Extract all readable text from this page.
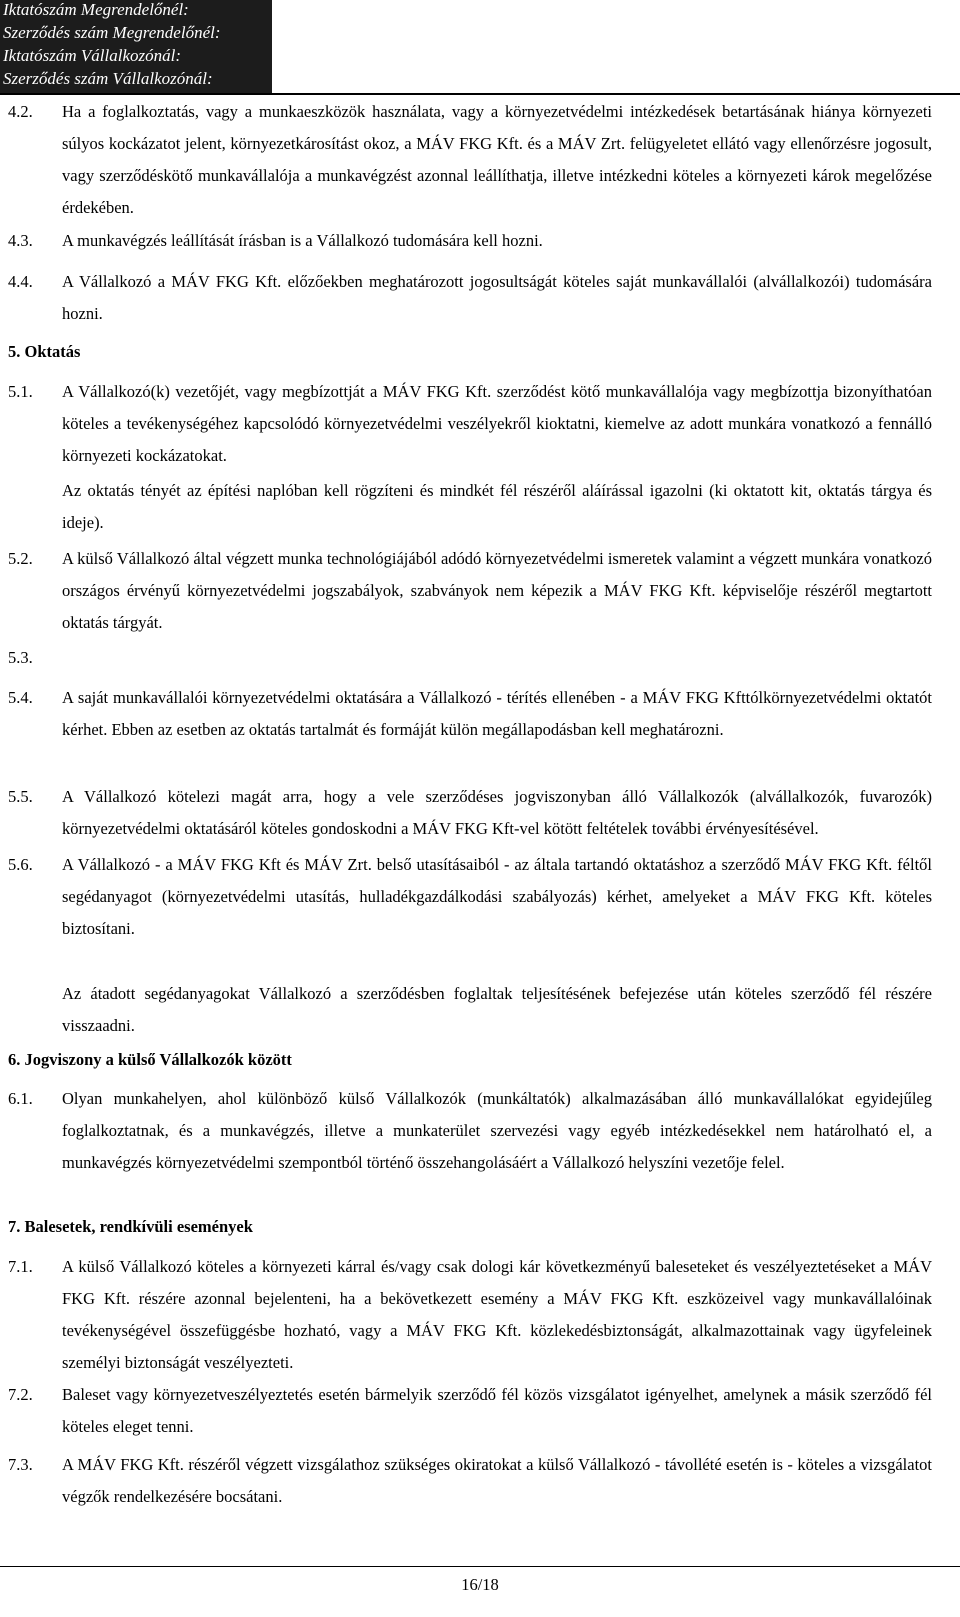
Iktatószám Megrendelőnél:
Szerződés szám Megrendelőnél:
Iktatószám Vállalkozónál:
Szerződés szám Vállalkozónál:
4.2. Ha a foglalkoztatás, vagy a munkaeszközök használata, vagy a környezetvédelmi intézkedések betartásának hiánya környezeti súlyos kockázatot jelent, környezetkárosítást okoz, a MÁV FKG Kft. és a MÁV Zrt. felügyeletet ellátó vagy ellenőrzésre jogosult, vagy szerződéskötő munkavállalója a munkavégzést azonnal leállíthatja, illetve intézkedni köteles a környezeti károk megelőzése érdekében.
4.3. A munkavégzés leállítását írásban is a Vállalkozó tudomására kell hozni.
4.4. A Vállalkozó a MÁV FKG Kft. előzőekben meghatározott jogosultságát köteles saját munkavállalói (alvállalkozói) tudomására hozni.
5. Oktatás
5.1. A Vállalkozó(k) vezetőjét, vagy megbízottját a MÁV FKG Kft. szerződést kötő munkavállalója vagy megbízottja bizonyíthatóan köteles a tevékenységéhez kapcsolódó környezetvédelmi veszélyekről kioktatni, kiemelve az adott munkára vonatkozó a fennálló környezeti kockázatokat.
Az oktatás tényét az építési naplóban kell rögzíteni és mindkét fél részéről aláírással igazolni (ki oktatott kit, oktatás tárgya és ideje).
5.2. A külső Vállalkozó által végzett munka technológiájából adódó környezetvédelmi ismeretek valamint a végzett munkára vonatkozó országos érvényű környezetvédelmi jogszabályok, szabványok nem képezik a MÁV FKG Kft. képviselője részéről megtartott oktatás tárgyát.
5.3.
5.4. A saját munkavállalói környezetvédelmi oktatására a Vállalkozó - térítés ellenében - a MÁV FKG Kfttólkörnyezetvédelmi oktatót kérhet. Ebben az esetben az oktatás tartalmát és formáját külön megállapodásban kell meghatározni.
5.5. A Vállalkozó kötelezi magát arra, hogy a vele szerződéses jogviszonyban álló Vállalkozók (alvállalkozók, fuvarozók) környezetvédelmi oktatásáról köteles gondoskodni a MÁV FKG Kft-vel kötött feltételek további érvényesítésével.
5.6. A Vállalkozó - a MÁV FKG Kft és MÁV Zrt. belső utasításaiból - az általa tartandó oktatáshoz a szerződő MÁV FKG Kft. féltől segédanyagot (környezetvédelmi utasítás, hulladékgazdálkodási szabályozás) kérhet, amelyeket a MÁV FKG Kft. köteles biztosítani.
Az átadott segédanyagokat Vállalkozó a szerződésben foglaltak teljesítésének befejezése után köteles szerződő fél részére visszaadni.
6. Jogviszony a külső Vállalkozók között
6.1. Olyan munkahelyen, ahol különböző külső Vállalkozók (munkáltatók) alkalmazásában álló munkavállalókat egyidejűleg foglalkoztatnak, és a munkavégzés, illetve a munkaterület szervezési vagy egyéb intézkedésekkel nem határolható el, a munkavégzés környezetvédelmi szempontból történő összehangolásáért a Vállalkozó helyszíni vezetője felel.
7. Balesetek, rendkívüli események
7.1. A külső Vállalkozó köteles a környezeti kárral és/vagy csak dologi kár következményű baleseteket és veszélyeztetéseket a MÁV FKG Kft. részére azonnal bejelenteni, ha a bekövetkezett esemény a MÁV FKG Kft. eszközeivel vagy munkavállalóinak tevékenységével összefüggésbe hozható, vagy a MÁV FKG Kft. közlekedésbiztonságát, alkalmazottainak vagy ügyfeleinek személyi biztonságát veszélyezteti.
7.2. Baleset vagy környezetveszélyeztetés esetén bármelyik szerződő fél közös vizsgálatot igényelhet, amelynek a másik szerződő fél köteles eleget tenni.
7.3. A MÁV FKG Kft. részéről végzett vizsgálathoz szükséges okiratokat a külső Vállalkozó - távollété esetén is - köteles a vizsgálatot végzők rendelkezésére bocsátani.
16/18
